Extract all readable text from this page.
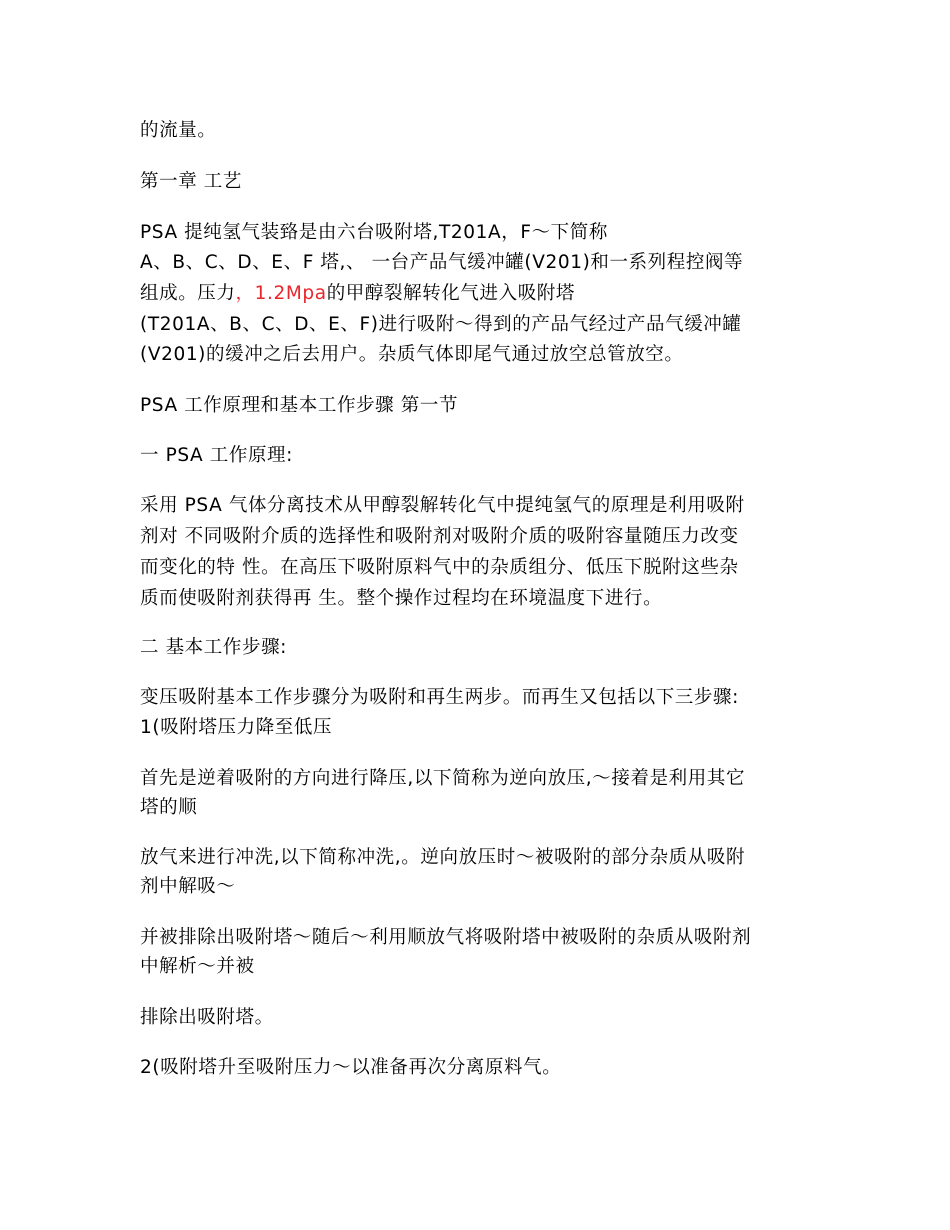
的流量。
第一章 工艺
PSA 提纯氢气装臵是由六台吸附塔,T201A，F～下简称
A、B、C、D、E、F 塔,、 一台产品气缓冲罐(V201)和一系列程控阀等
组成。压力，1.2Mpa的甲醇裂解转化气进入吸附塔
(T201A、B、C、D、E、F)进行吸附～得到的产品气经过产品气缓冲罐
(V201)的缓冲之后去用户。杂质气体即尾气通过放空总管放空。
PSA 工作原理和基本工作步骤 第一节
一 PSA 工作原理:
采用 PSA 气体分离技术从甲醇裂解转化气中提纯氢气的原理是利用吸附
剂对 不同吸附介质的选择性和吸附剂对吸附介质的吸附容量随压力改变
而变化的特 性。在高压下吸附原料气中的杂质组分、低压下脱附这些杂
质而使吸附剂获得再 生。整个操作过程均在环境温度下进行。
二 基本工作步骤:
变压吸附基本工作步骤分为吸附和再生两步。而再生又包括以下三步骤:
1(吸附塔压力降至低压
首先是逆着吸附的方向进行降压,以下简称为逆向放压,～接着是利用其它
塔的顺
放气来进行冲洗,以下简称冲洗,。逆向放压时～被吸附的部分杂质从吸附
剂中解吸～
并被排除出吸附塔～随后～利用顺放气将吸附塔中被吸附的杂质从吸附剂
中解析～并被
排除出吸附塔。
2(吸附塔升至吸附压力～以准备再次分离原料气。
